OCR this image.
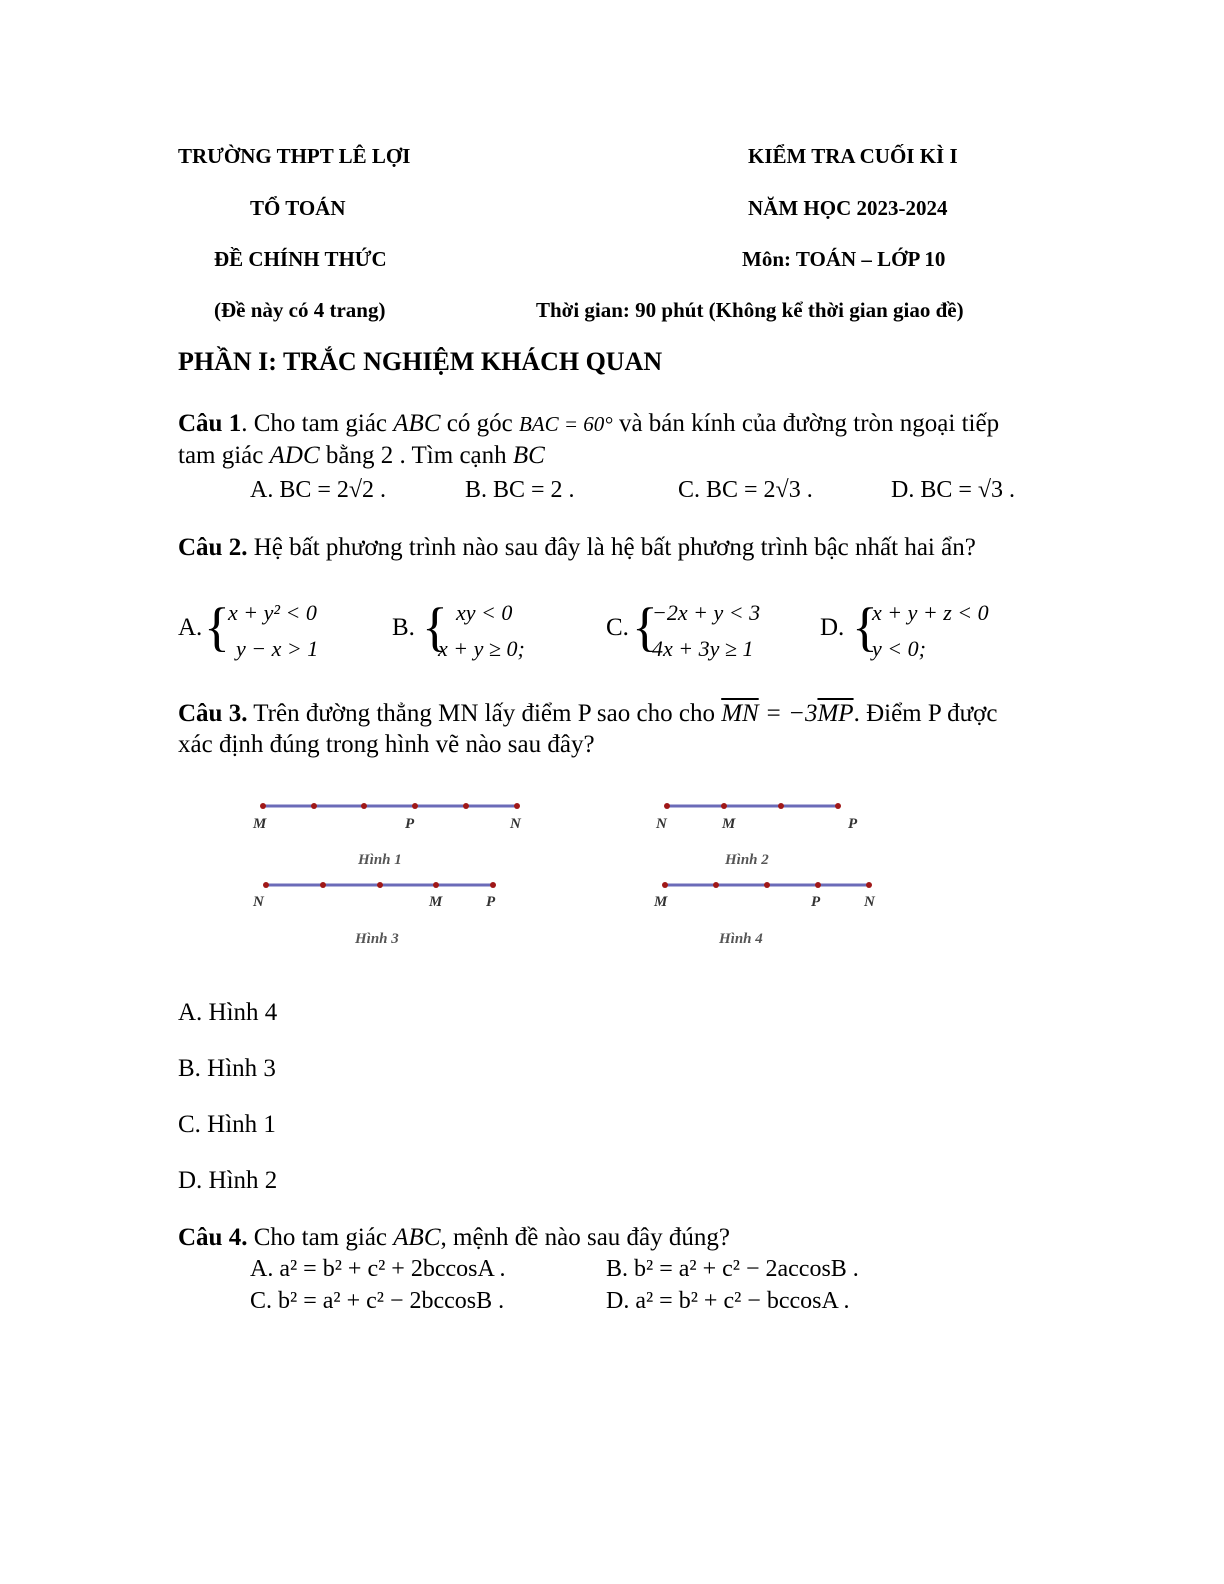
TRƯỜNG THPT LÊ LỢI
TỔ TOÁN
ĐỀ CHÍNH THỨC
(Đề này có 4 trang)
KIỂM TRA CUỐI KÌ I
NĂM HỌC 2023-2024
Môn: TOÁN – LỚP 10
Thời gian: 90 phút (Không kể thời gian giao đề)
PHẦN I: TRẮC NGHIỆM KHÁCH QUAN
Câu 1. Cho tam giác ABC có góc BAC = 60° và bán kính của đường tròn ngoại tiếp tam giác ADC bằng 2 . Tìm cạnh BC
A. BC = 2√2 .	B. BC = 2 .	C. BC = 2√3 .	D. BC = √3 .
Câu 2. Hệ bất phương trình nào sau đây là hệ bất phương trình bậc nhất hai ẩn?
A. {
x + y² < 0
y − x > 1
B. { xy < 0
x + y ≥ 0;
C. {
−2x + y < 3
4x + 3y ≥ 1
D. {
x + y + z < 0
y < 0;
Câu 3. Trên đường thẳng MN lấy điểm P sao cho cho $\overline{MN} = -3\overline{MP}$. Điểm P được xác định đúng trong hình vẽ nào sau đây?
M	P	N
Hình 1
N	M	P
Hình 2
N	M	P
Hình 3
M	P	N
Hình 4
A. Hình 4
B. Hình 3
C. Hình 1
D. Hình 2
Câu 4. Cho tam giác ABC, mệnh đề nào sau đây đúng?
A. a² = b² + c² + 2bccosA .	B. b² = a² + c² − 2accosB .
C. b² = a² + c² − 2bccosB .	D. a² = b² + c² − bccosA .
